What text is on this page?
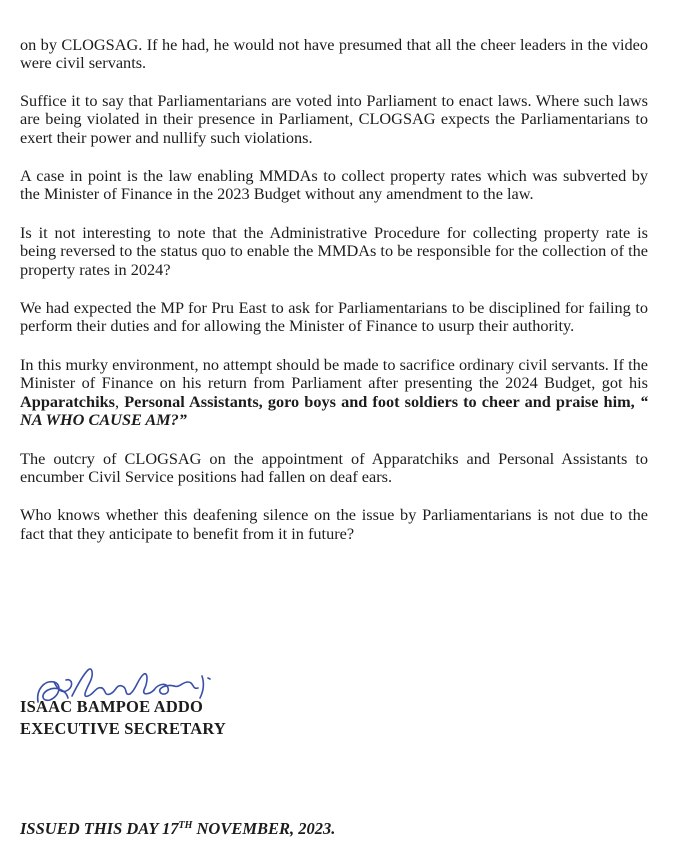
on by CLOGSAG. If he had, he would not have presumed that all the cheer leaders in the video were civil servants.

Suffice it to say that Parliamentarians are voted into Parliament to enact laws. Where such laws are being violated in their presence in Parliament, CLOGSAG expects the Parliamentarians to exert their power and nullify such violations.

A case in point is the law enabling MMDAs to collect property rates which was subverted by the Minister of Finance in the 2023 Budget without any amendment to the law.

Is it not interesting to note that the Administrative Procedure for collecting property rate is being reversed to the status quo to enable the MMDAs to be responsible for the collection of the property rates in 2024?

We had expected the MP for Pru East to ask for Parliamentarians to be disciplined for failing to perform their duties and for allowing the Minister of Finance to usurp their authority.

In this murky environment, no attempt should be made to sacrifice ordinary civil servants. If the Minister of Finance on his return from Parliament after presenting the 2024 Budget, got his Apparatchiks, Personal Assistants, goro boys and foot soldiers to cheer and praise him, “ NA WHO CAUSE AM?”

The outcry of CLOGSAG on the appointment of Apparatchiks and Personal Assistants to encumber Civil Service positions had fallen on deaf ears.

Who knows whether this deafening silence on the issue by Parliamentarians is not due to the fact that they anticipate to benefit from it in future?

ISAAC BAMPOE ADDO
EXECUTIVE SECRETARY
ISSUED THIS DAY 17TH NOVEMBER, 2023.
